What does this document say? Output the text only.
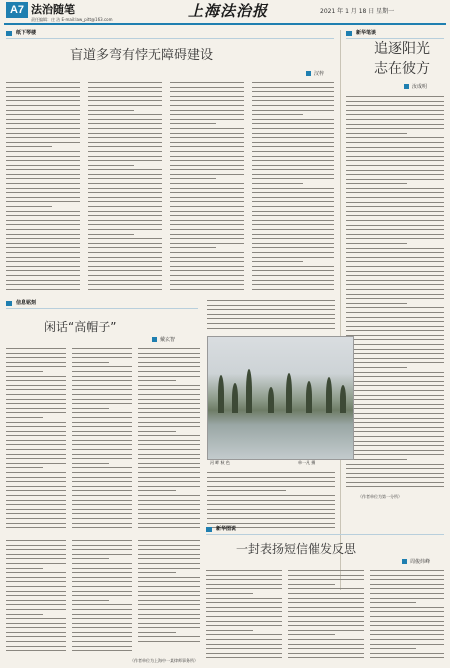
A7 法治随笔
责任编辑：庄 洁 E-mail:law_pitt@163.com	上海法治报	2021 年 1 月 18 日 星期一
纸下琴楼
盲道多弯有悖无障碍建设
汉梓
新华笔谈
追逐阳光
志在彼方
汝成明
（作者单位为第一分所）
信息铭刻
闲话“高帽子”
戴玄智
河 畔 秋 色	单一凡 摄
新华图说
一封表扬短信催发反思
周俊炜峰
（作者单位为上海中一某律师事务所）
